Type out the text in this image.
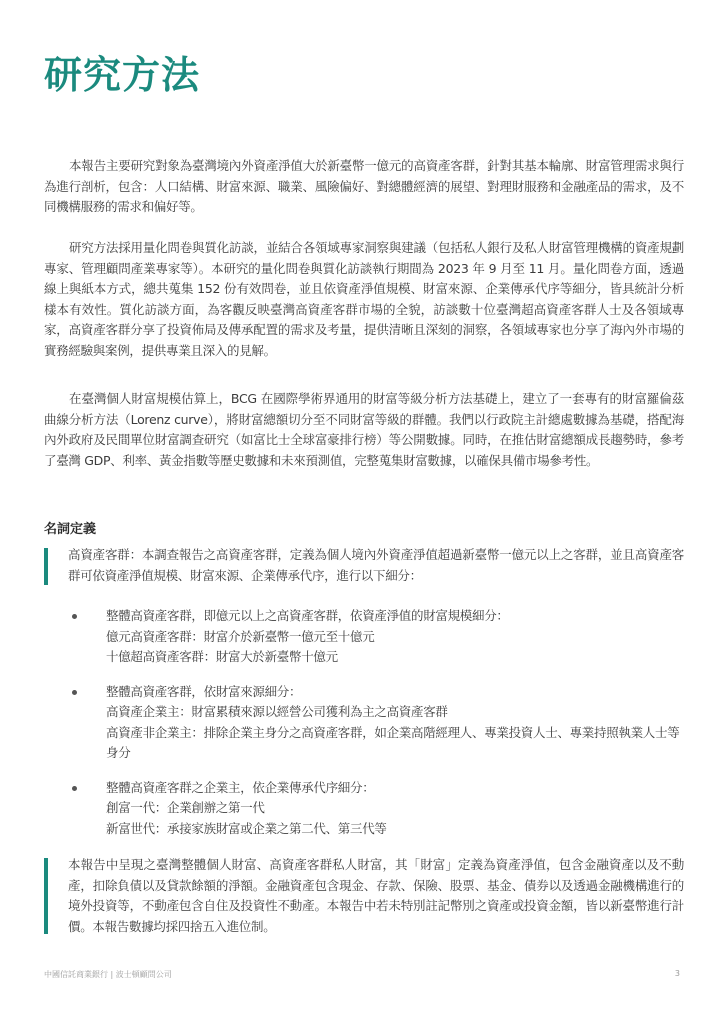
研究方法

本報告主要研究對象為臺灣境內外資產淨值大於新臺幣一億元的高資產客群，針對其基本輪廓、財富管理需求與行為進行剖析，包含：人口結構、財富來源、職業、風險偏好、對總體經濟的展望、對理財服務和金融產品的需求，及不同機構服務的需求和偏好等。

研究方法採用量化問卷與質化訪談，並結合各領域專家洞察與建議（包括私人銀行及私人財富管理機構的資產規劃專家、管理顧問產業專家等）。本研究的量化問卷與質化訪談執行期間為 2023 年 9 月至 11 月。量化問卷方面，透過線上與紙本方式，總共蒐集 152 份有效問卷，並且依資產淨值規模、財富來源、企業傳承代序等細分，皆具統計分析樣本有效性。質化訪談方面，為客觀反映臺灣高資產客群市場的全貌，訪談數十位臺灣超高資產客群人士及各領域專家，高資產客群分享了投資佈局及傳承配置的需求及考量，提供清晰且深刻的洞察，各領域專家也分享了海內外市場的實務經驗與案例，提供專業且深入的見解。

在臺灣個人財富規模估算上，BCG 在國際學術界通用的財富等級分析方法基礎上，建立了一套專有的財富羅倫茲曲線分析方法（Lorenz curve），將財富總額切分至不同財富等級的群體。我們以行政院主計總處數據為基礎，搭配海內外政府及民間單位財富調查研究（如富比士全球富豪排行榜）等公開數據。同時，在推估財富總額成長趨勢時，參考了臺灣 GDP、利率、黃金指數等歷史數據和未來預測值，完整蒐集財富數據，以確保具備市場參考性。

名詞定義

高資產客群：本調查報告之高資產客群，定義為個人境內外資產淨值超過新臺幣一億元以上之客群，並且高資產客群可依資產淨值規模、財富來源、企業傳承代序，進行以下細分：

整體高資產客群，即億元以上之高資產客群，依資產淨值的財富規模細分：
億元高資產客群：財富介於新臺幣一億元至十億元
十億超高資產客群：財富大於新臺幣十億元
整體高資產客群，依財富來源細分：
高資產企業主：財富累積來源以經營公司獲利為主之高資產客群
高資產非企業主：排除企業主身分之高資產客群，如企業高階經理人、專業投資人士、專業持照執業人士等身分
整體高資產客群之企業主，依企業傳承代序細分：
創富一代：企業創辦之第一代
新富世代：承接家族財富或企業之第二代、第三代等

本報告中呈現之臺灣整體個人財富、高資產客群私人財富，其「財富」定義為資產淨值，包含金融資產以及不動產，扣除負債以及貸款餘額的淨額。金融資產包含現金、存款、保險、股票、基金、債券以及透過金融機構進行的境外投資等，不動產包含自住及投資性不動產。本報告中若未特別註記幣別之資產或投資金額，皆以新臺幣進行計價。本報告數據均採四捨五入進位制。

中國信託商業銀行 | 波士頓顧問公司	3
